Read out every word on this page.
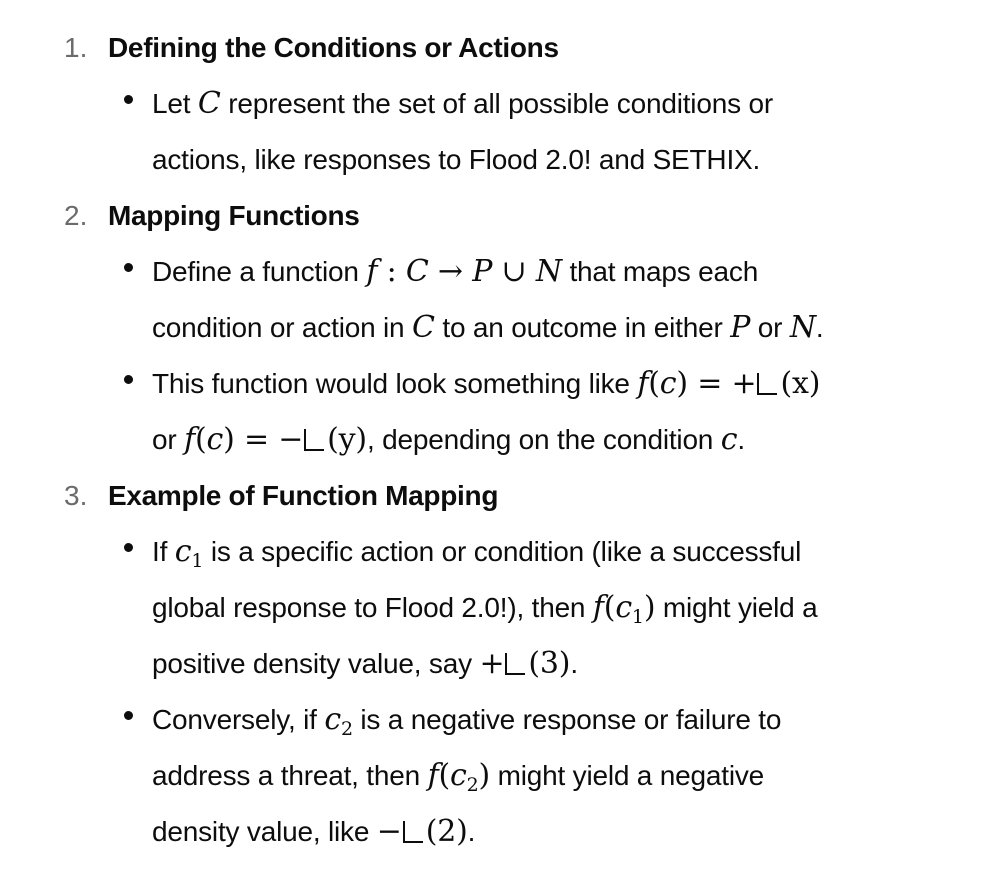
1. Defining the Conditions or Actions
Let C represent the set of all possible conditions or
actions, like responses to Flood 2.0! and SETHIX.
2. Mapping Functions
Define a function f : C → P ∪ N that maps each
condition or action in C to an outcome in either P or N.
This function would look something like f(c) = + (x)
or f(c) = − (y), depending on the condition c.
3. Example of Function Mapping
If $c_1$ is a specific action or condition (like a successful
global response to Flood 2.0!), then $f(c_1)$ might yield a
positive density value, say + (3).
Conversely, if $c_2$ is a negative response or failure to
address a threat, then $f(c_2)$ might yield a negative
density value, like − (2).
